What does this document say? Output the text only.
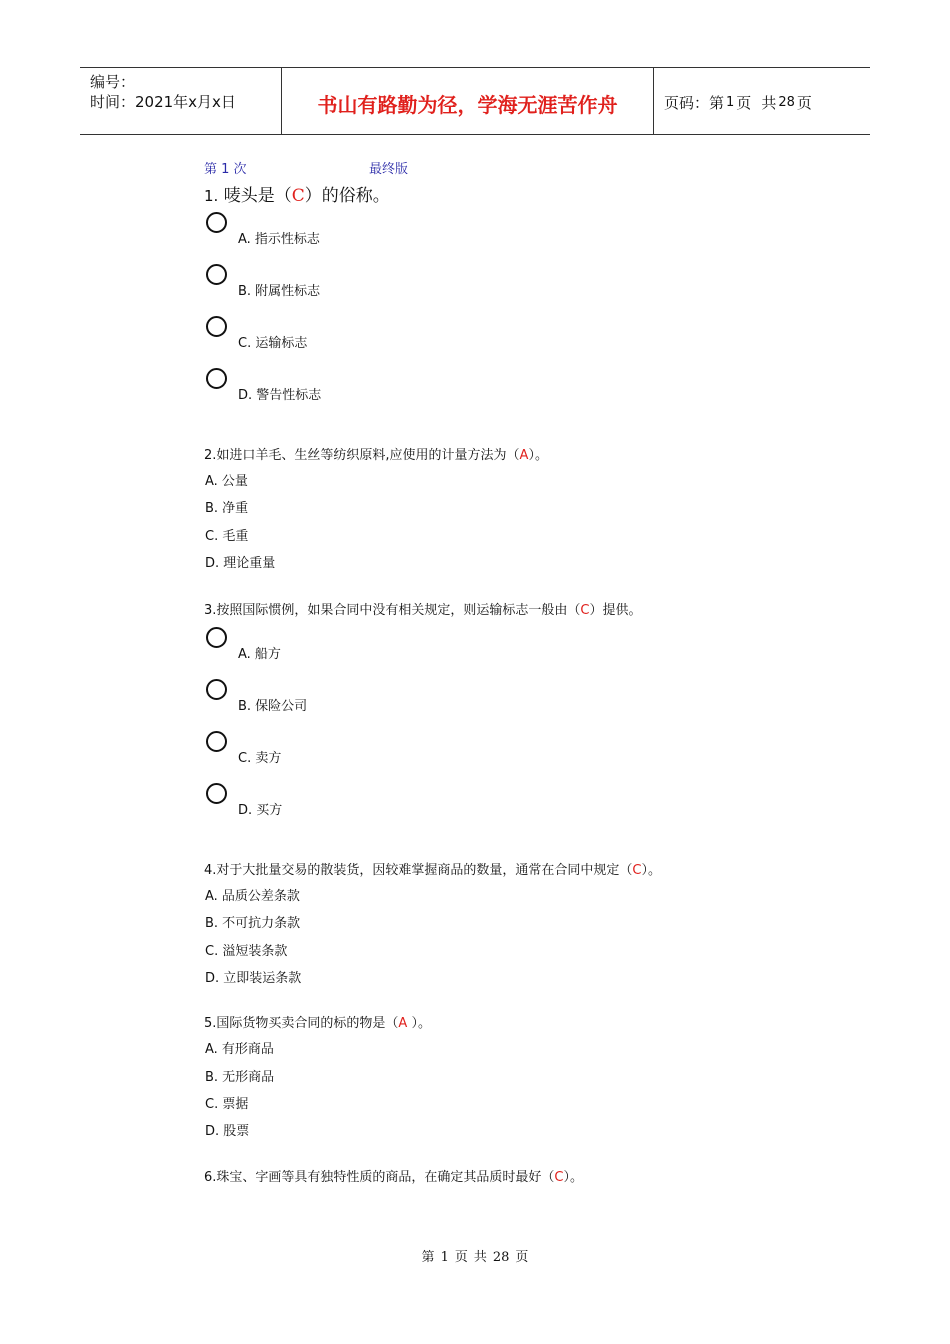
编号：
时间：2021年x月x日	书山有路勤为径，学海无涯苦作舟	页码：第 1 页 共 28 页
第 1 次	最终版

1. 唛头是（C）的俗称。

A. 指示性标志
B. 附属性标志
C. 运输标志
D. 警告性标志

2.如进口羊毛、生丝等纺织原料,应使用的计量方法为（A）。

A. 公量
B. 净重
C. 毛重
D. 理论重量

3.按照国际惯例，如果合同中没有相关规定，则运输标志一般由（C）提供。

A. 船方
B. 保险公司
C. 卖方
D. 买方

4.对于大批量交易的散装货，因较难掌握商品的数量，通常在合同中规定（C）。

A. 品质公差条款
B. 不可抗力条款
C. 溢短装条款
D. 立即装运条款

5.国际货物买卖合同的标的物是（A ）。

A. 有形商品
B. 无形商品
C. 票据
D. 股票

6.珠宝、字画等具有独特性质的商品，在确定其品质时最好（C）。

第 1 页 共 28 页
